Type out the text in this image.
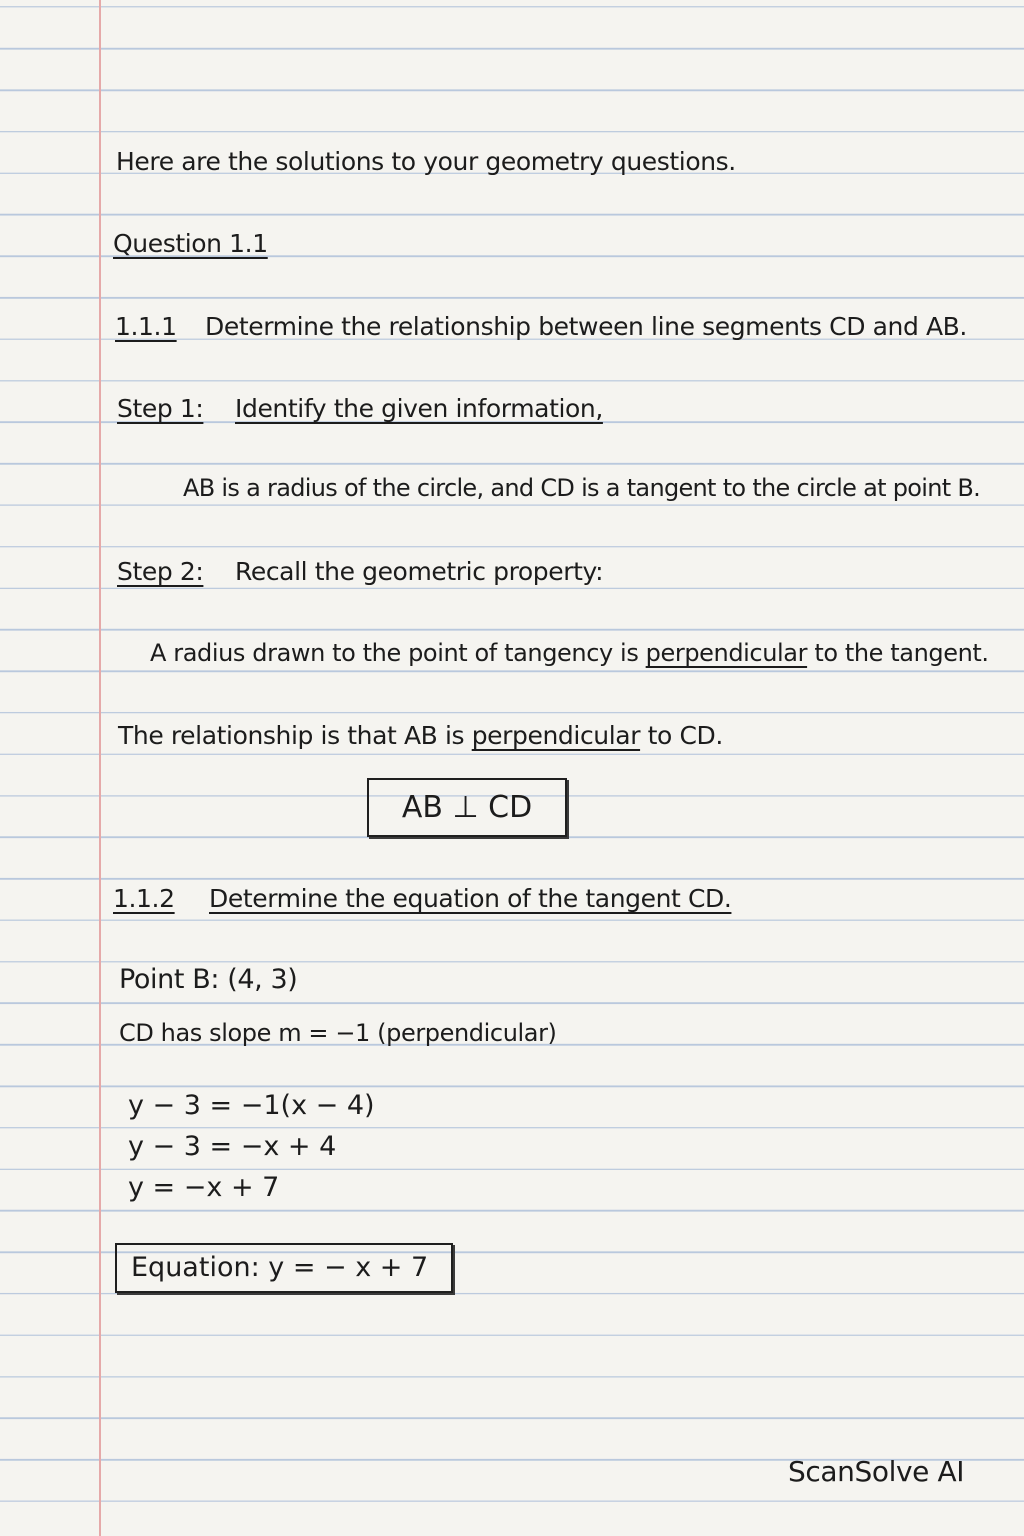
Here are the solutions to your geometry questions.
Question 1.1
1.1.1 Determine the relationship between line segments CD and AB.
Step 1: Identify the given information,
AB is a radius of the circle, and CD is a tangent to the circle at point B.
Step 2: Recall the geometric property:
A radius drawn to the point of tangency is perpendicular to the tangent.
The relationship is that AB is perpendicular to CD.
AB ⊥ CD
1.1.2 Determine the equation of the tangent CD.
Point B: (4, 3)
CD has slope m = −1 (perpendicular)
y − 3 = −1(x − 4)
y − 3 = −x + 4
y = −x + 7
Equation: y = − x + 7
ScanSolve AI
